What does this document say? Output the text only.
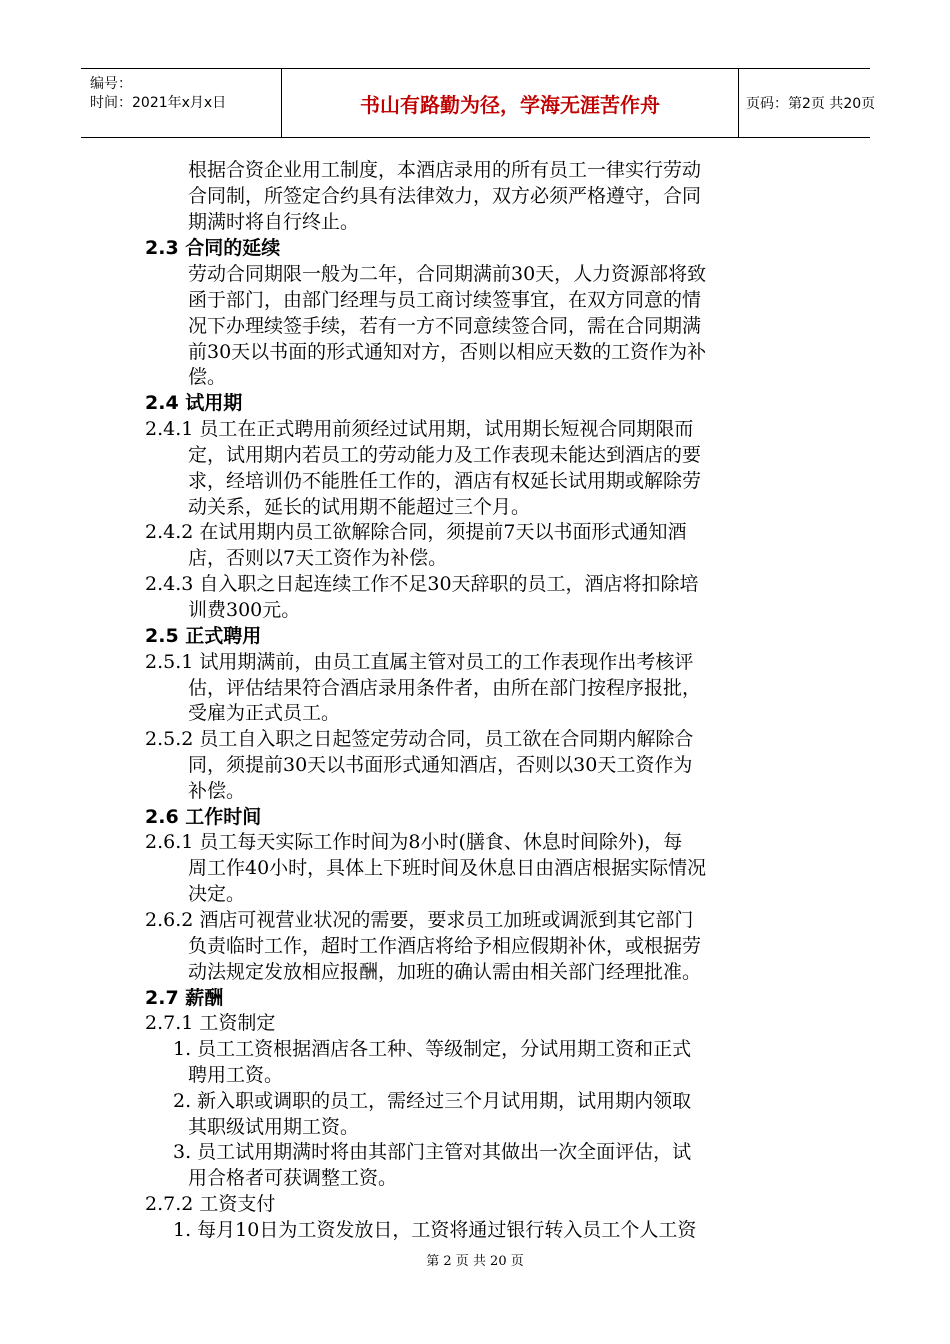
编号：
时间：2021年x月x日	书山有路勤为径，学海无涯苦作舟	页码：第2页 共20页
根据合资企业用工制度，本酒店录用的所有员工一律实行劳动
合同制，所签定合约具有法律效力，双方必须严格遵守，合同
期满时将自行终止。
2.3 合同的延续
劳动合同期限一般为二年，合同期满前30天，人力资源部将致
函于部门，由部门经理与员工商讨续签事宜，在双方同意的情
况下办理续签手续，若有一方不同意续签合同，需在合同期满
前30天以书面的形式通知对方，否则以相应天数的工资作为补
偿。
2.4 试用期
2.4.1 员工在正式聘用前须经过试用期，试用期长短视合同期限而
定，试用期内若员工的劳动能力及工作表现未能达到酒店的要
求，经培训仍不能胜任工作的，酒店有权延长试用期或解除劳
动关系，延长的试用期不能超过三个月。
2.4.2 在试用期内员工欲解除合同，须提前7天以书面形式通知酒
店，否则以7天工资作为补偿。
2.4.3 自入职之日起连续工作不足30天辞职的员工，酒店将扣除培
训费300元。
2.5 正式聘用
2.5.1 试用期满前，由员工直属主管对员工的工作表现作出考核评
估，评估结果符合酒店录用条件者，由所在部门按程序报批，
受雇为正式员工。
2.5.2 员工自入职之日起签定劳动合同，员工欲在合同期内解除合
同，须提前30天以书面形式通知酒店，否则以30天工资作为
补偿。
2.6 工作时间
2.6.1 员工每天实际工作时间为8小时(膳食、休息时间除外)，每
周工作40小时，具体上下班时间及休息日由酒店根据实际情况
决定。
2.6.2 酒店可视营业状况的需要，要求员工加班或调派到其它部门
负责临时工作，超时工作酒店将给予相应假期补休，或根据劳
动法规定发放相应报酬，加班的确认需由相关部门经理批准。
2.7 薪酬
2.7.1 工资制定
1. 员工工资根据酒店各工种、等级制定，分试用期工资和正式
聘用工资。
2. 新入职或调职的员工，需经过三个月试用期，试用期内领取
其职级试用期工资。
3. 员工试用期满时将由其部门主管对其做出一次全面评估，试
用合格者可获调整工资。
2.7.2 工资支付
1. 每月10日为工资发放日，工资将通过银行转入员工个人工资
第 2 页 共 20 页
